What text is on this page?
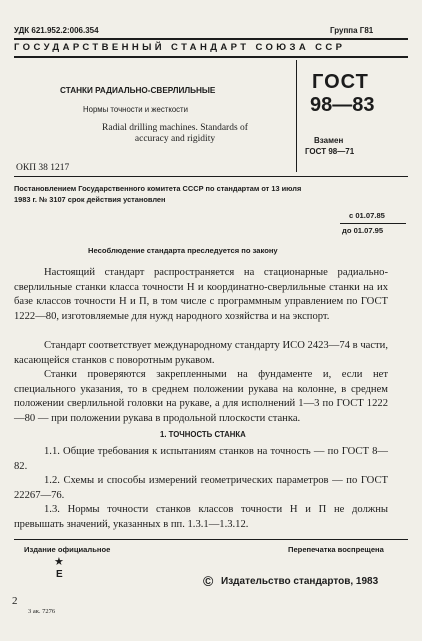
УДК 621.952.2:006.354	Группа Г81
ГОСУДАРСТВЕННЫЙ СТАНДАРТ СОЮЗА ССР
СТАНКИ РАДИАЛЬНО-СВЕРЛИЛЬНЫЕ
Нормы точности и жесткости
Radial drilling machines. Standards of
accuracy and rigidity
ГОСТ
98—83
Взамен
ГОСТ 98—71
ОКП 38 1217
Постановлением Государственного комитета СССР по стандартам от 13 июля
1983 г. № 3107 срок действия установлен
с 01.07.85
до 01.07.95
Несоблюдение стандарта преследуется по закону

Настоящий стандарт распространяется на стационарные радиально-сверлильные станки класса точности Н и координатно-сверлильные станки на их базе классов точности Н и П, в том числе с программным управлением по ГОСТ 1222—80, изготовляемые для нужд народного хозяйства и на экспорт.

Стандарт соответствует международному стандарту ИСО 2423—74 в части, касающейся станков с поворотным рукавом.

Станки проверяются закрепленными на фундаменте и, если нет специального указания, то в среднем положении рукава на колонне, в среднем положении сверлильной головки на рукаве, а для исполнений 1—3 по ГОСТ 1222—80 — при положении рукава в продольной плоскости станка.

1. ТОЧНОСТЬ СТАНКА

1.1. Общие требования к испытаниям станков на точность — по ГОСТ 8—82.

1.2. Схемы и способы измерений геометрических параметров — по ГОСТ 22267—76.

1.3. Нормы точности станков классов точности Н и П не должны превышать значений, указанных в пп. 1.3.1—1.3.12.

Издание официальное	Перепечатка воспрещена
★
Е	© Издательство стандартов, 1983
2
3 ак. 7276
